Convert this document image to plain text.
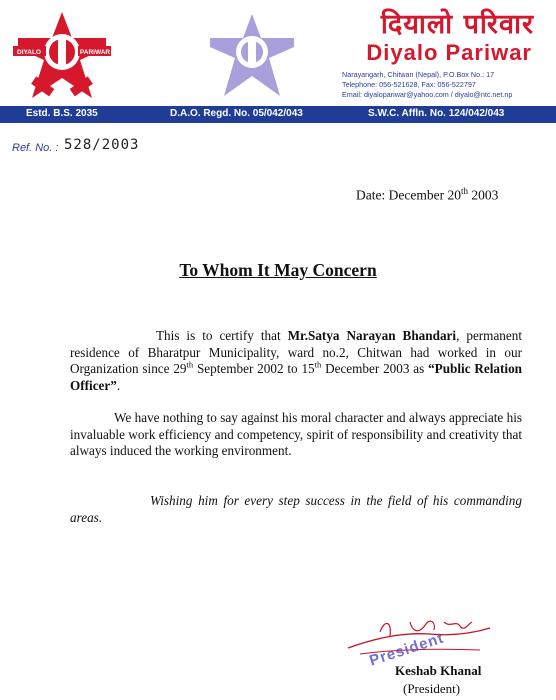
DIYALO	PARIWAR
दियालो परिवार
Diyalo Pariwar
Narayangarh, Chitwan (Nepal), P.O.Box No.: 17
Telephone: 056-521628, Fax: 056-522797
Email: diyalopariwar@yahoo.com / diyalo@ntc.net.np
Estd. B.S. 2035	D.A.O. Regd. No. 05/042/043	S.W.C. Affln. No. 124/042/043
Ref. No. : 528/2003
Date: December 20th 2003
To Whom It May Concern
This is to certify that Mr.Satya Narayan Bhandari, permanent residence of Bharatpur Municipality, ward no.2, Chitwan had worked in our Organization since 29th September 2002 to 15th December 2003 as “Public Relation Officer”.
We have nothing to say against his moral character and always appreciate his invaluable work efficiency and competency, spirit of responsibility and creativity that always induced the working environment.
Wishing him for every step success in the field of his commanding areas.
President
Keshab Khanal
(President)
